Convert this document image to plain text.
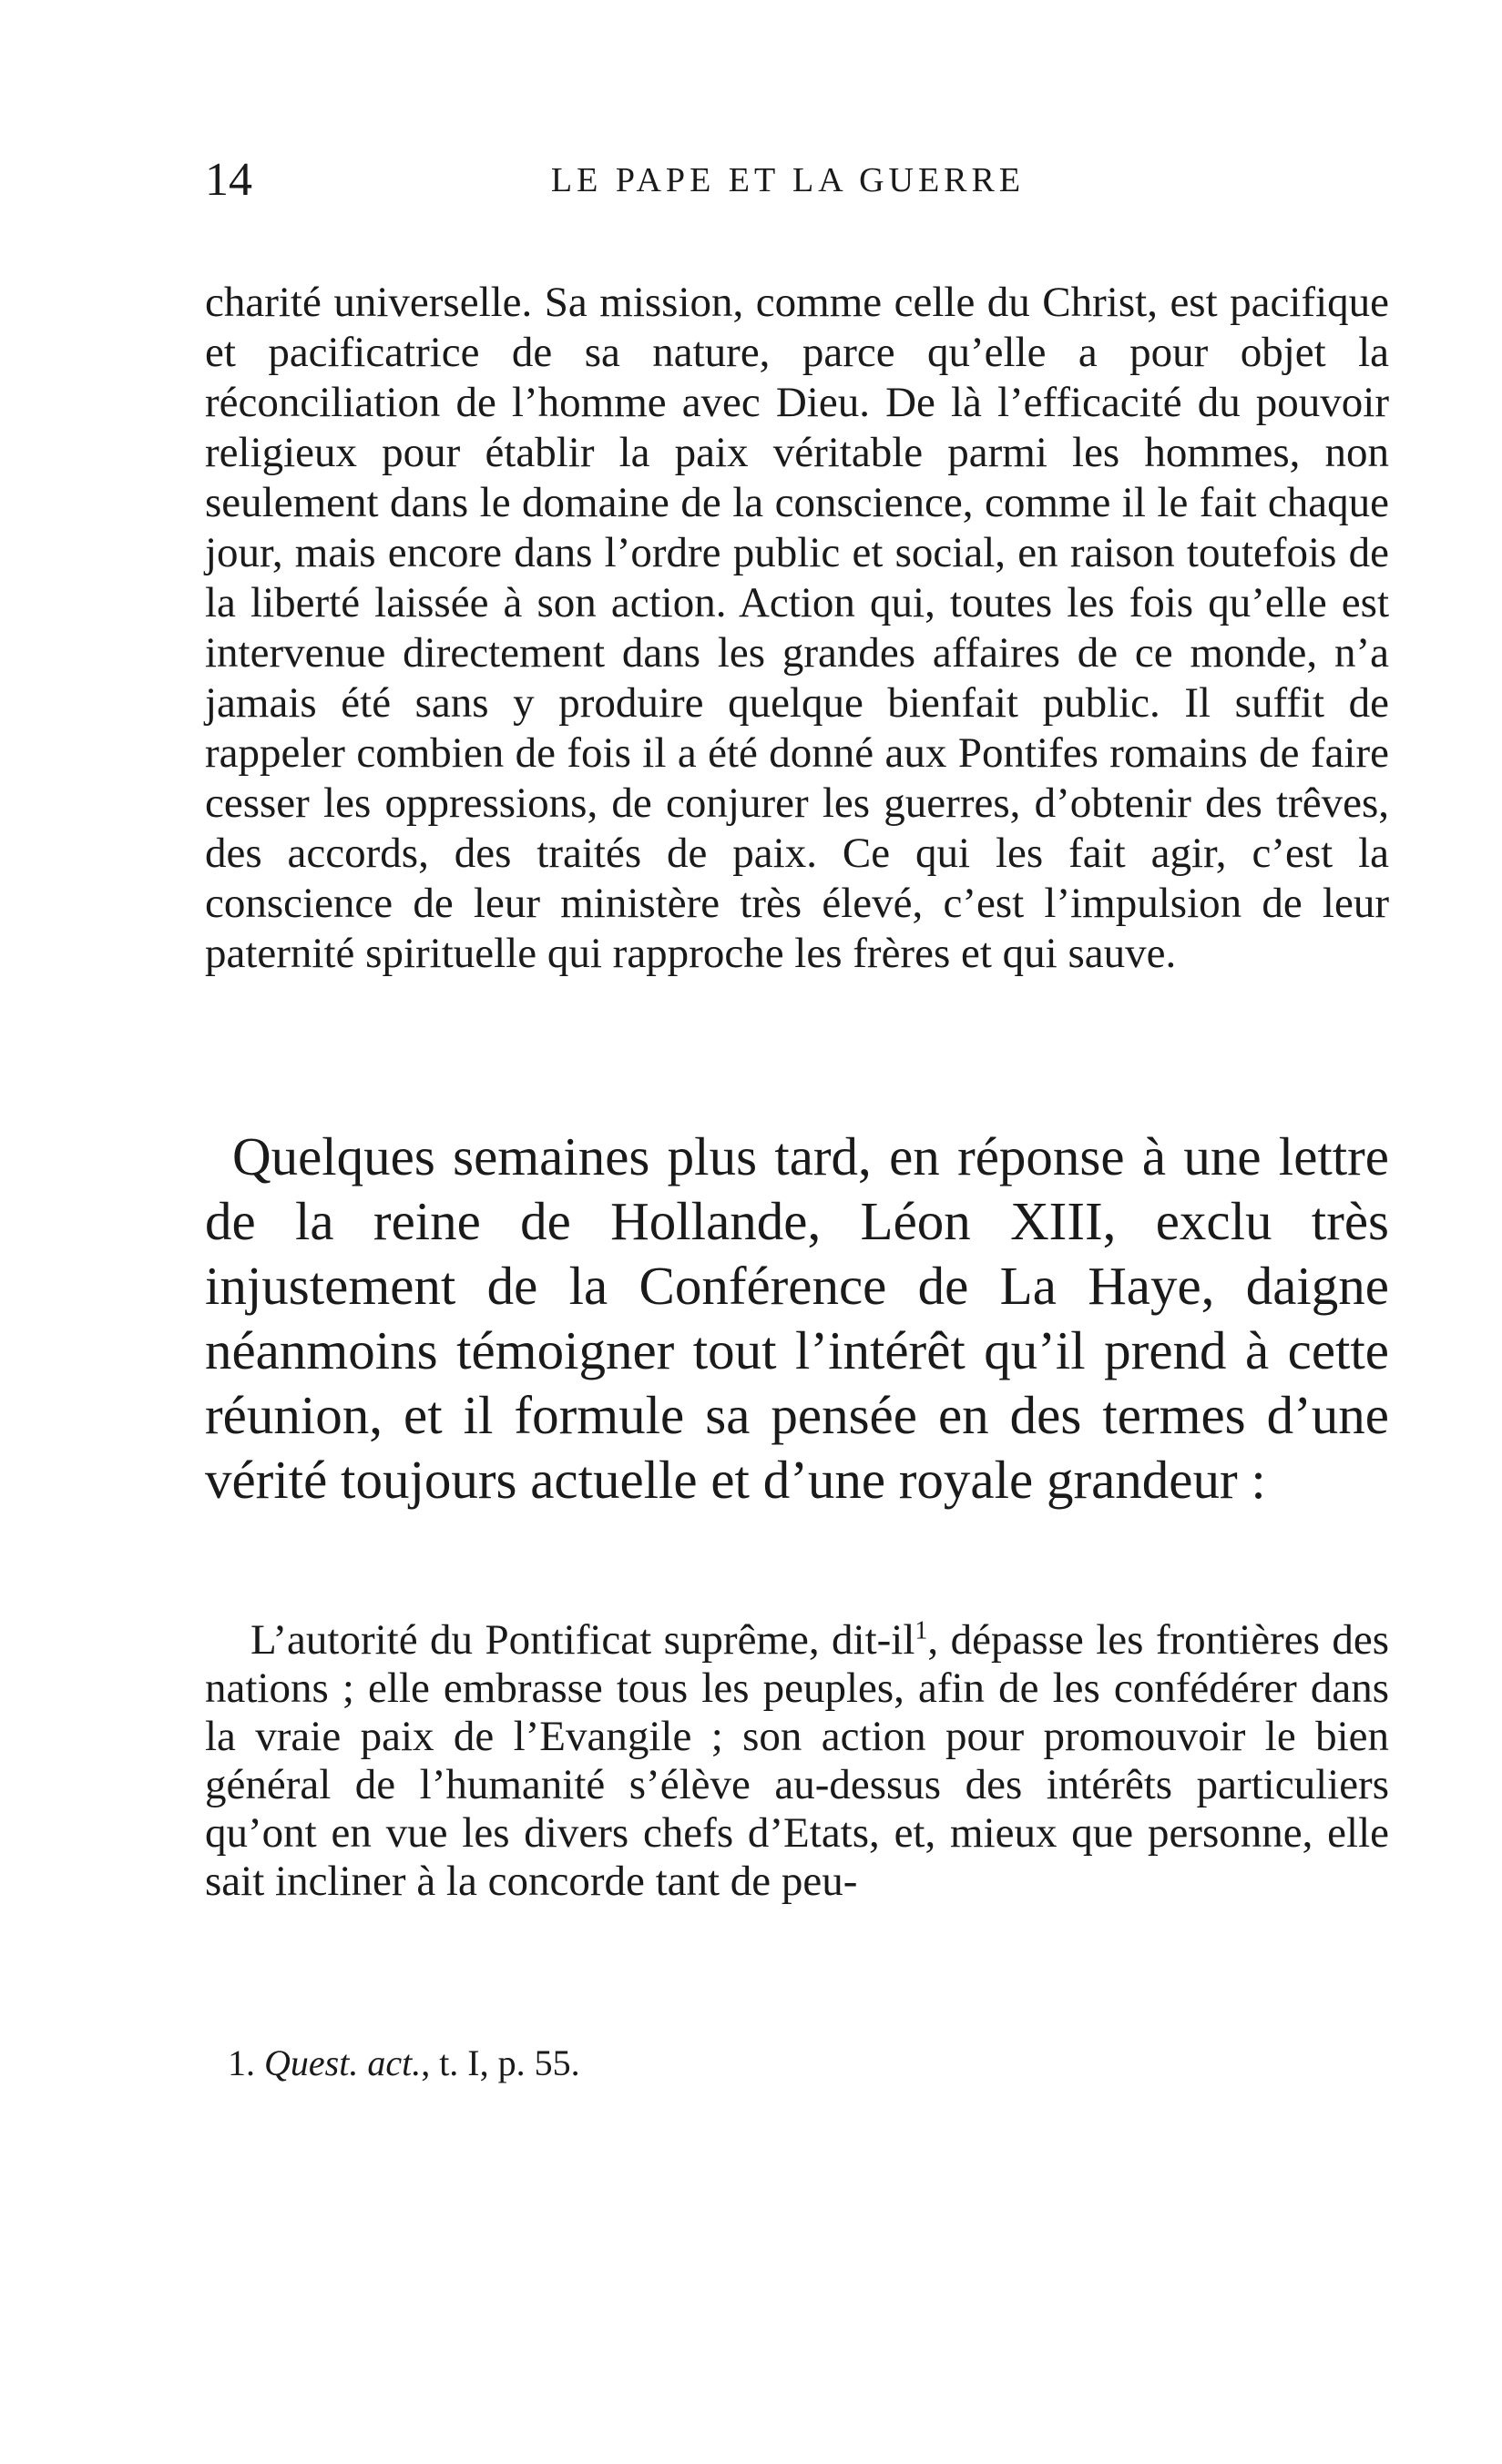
14	LE PAPE ET LA GUERRE

charité universelle. Sa mission, comme celle du Christ, est pacifique et pacificatrice de sa nature, parce qu’elle a pour objet la réconciliation de l’homme avec Dieu. De là l’efficacité du pouvoir religieux pour établir la paix véritable parmi les hommes, non seulement dans le domaine de la conscience, comme il le fait chaque jour, mais encore dans l’ordre public et social, en raison toutefois de la liberté laissée à son action. Action qui, toutes les fois qu’elle est intervenue directement dans les grandes affaires de ce monde, n’a jamais été sans y produire quelque bienfait public. Il suffit de rappeler combien de fois il a été donné aux Pontifes romains de faire cesser les oppressions, de conjurer les guerres, d’obtenir des trêves, des accords, des traités de paix. Ce qui les fait agir, c’est la conscience de leur ministère très élevé, c’est l’impulsion de leur paternité spirituelle qui rapproche les frères et qui sauve.

Quelques semaines plus tard, en réponse à une lettre de la reine de Hollande, Léon XIII, exclu très injustement de la Conférence de La Haye, daigne néanmoins témoigner tout l’intérêt qu’il prend à cette réunion, et il formule sa pensée en des termes d’une vérité toujours actuelle et d’une royale grandeur :

L’autorité du Pontificat suprême, dit-$il^1$, dépasse les frontières des nations ; elle embrasse tous les peuples, afin de les confédérer dans la vraie paix de l’Evangile ; son action pour promouvoir le bien général de l’humanité s’élève au-dessus des intérêts particuliers qu’ont en vue les divers chefs d’Etats, et, mieux que personne, elle sait incliner à la concorde tant de peu-

1. Quest. act., t. I, p. 55.
